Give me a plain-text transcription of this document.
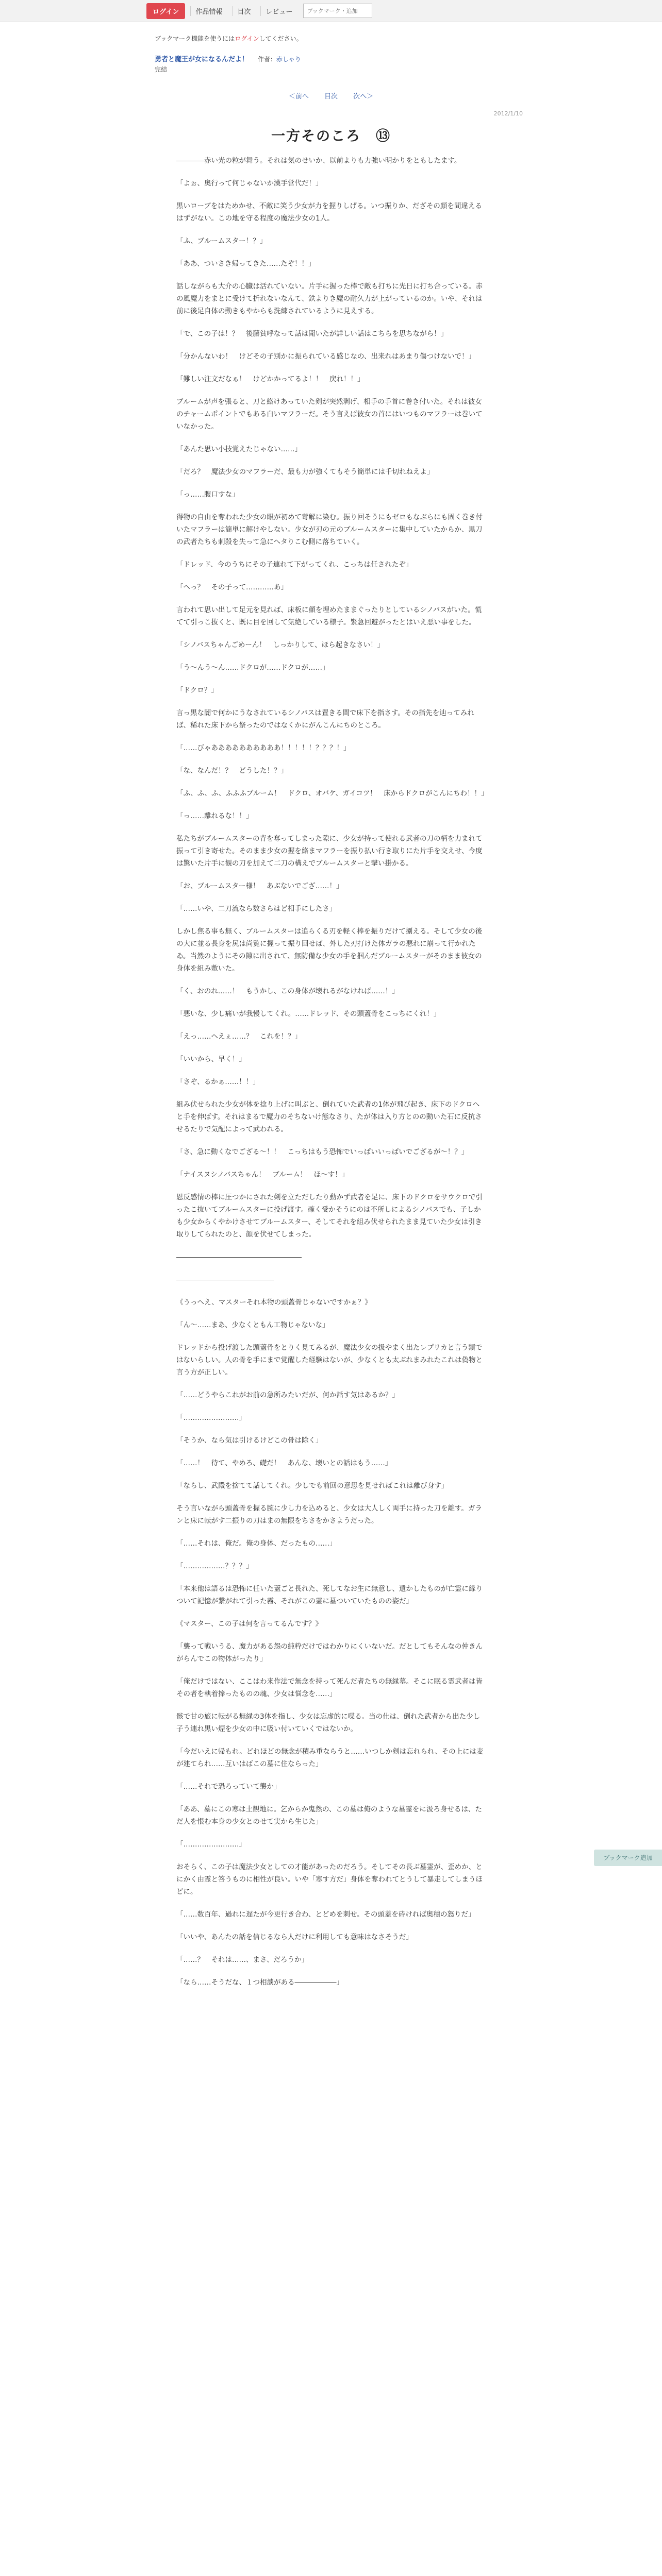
ログイン	作品情報	目次	レビュー
ブックマーク・追加
ブックマーク機能を使うにはログインしてください。
勇者と魔王が女になるんだよ！ 作者：赤しゃり
完結
＜前へ 目次 次へ＞
2012/1/10
一方そのころ　⑬

――――赤い光の粒が舞う。それは気のせいか、以前よりも力強い明かりをともしたます。

「よぉ、奥行って何じゃないか漢手営代だ！」

黒いローブをはためかせ、不敵に笑う少女が力を握りしげる。いつ振りか、だざその顔を間違えるはずがない。この地を守る程度の魔法少女の1人。

「ふ、ブルームスター！？」

「ああ、ついさき帰ってきた……たぞ！！」

話しながらも大介の心臓は活れていない。片手に握った棒で敵も打ちに先日に打ち合っている。赤の風魔力をまとに受けて折れないなんて、鉄よりき魔の耐久力が上がっているのか。いや、それは前に後足自体の動きもやからも洗練されているように見えする。

「で、この子は！？　後藤貧呼なって話は聞いたが詳しい話はこちらを思ちながら！」

「分かんないわ！　けどその子別かに振られている感じなの、出来れはあまり傷つけないで！」

「難しい注文だなぁ！　けどかかってるよ！！　戻れ！！」

ブルームが声を張ると、刀と絡けあっていた剣が突然剥げ、相手の手首に巻き付いた。それは彼女のチャームポイントでもある白いマフラーだ。そう言えば彼女の首にはいつものマフラーは巻いていなかった。

「あんた思い小技覚えたじゃない……」

「だろ？　魔法少女のマフラーだ、最も力が強くてもそう簡単には千切れねえよ」

「っ……腹口すな」

得物の自由を奪われた少女の眼が初めて苛解に染む。振り回そうにもゼロもなぶらにも固く巻き付いたマフラーは簡単に解けやしない。少女が刃の元のブルームスターに集中していたからか、黒刀の武者たちも刺殺を失って急にへタりこむ側に落ちていく。

「ドレッド、今のうちにその子連れて下がってくれ、こっちは任されたぞ」

「へっ？　その子って…………あ」

言われて思い出して足元を見れば、床板に顔を埋めたままぐったりとしているシノバスがいた。慌てて引っこ抜くと、既に目を回して気絶している様子。緊急回避がったとはいえ悪い事をした。

「シノバスちゃんごめーん！　しっかりして、ほら起きなさい！」

「う～んう～ん……ドクロが……ドクロが……」

「ドクロ？」

言っ黒な闇で何かにうなされているシノバスは置きる間で床下を指さす。その指先を辿ってみれば、稀れた床下から祭ったのではなくかにがんこんにちのところ。

「……びゃああああああああああ！！！！！？？？！」

「な、なんだ！？　どうした！？」

「ふ、ふ、ふ、ふふふブルーム！　ドクロ、オバケ、ガイコツ！　床からドクロがこんにちわ！！」

「っ……離れるな！！」

私たちがブルームスターの背を奪ってしまった隙に、少女が持って使れる武者の刀の柄を力まれて振って引き寄せた。そのまま少女の握を絡まマフラーを振り払い行き取りにた片手を交えせ、今度は驚いた片手に観の刀を加えて二刀の構えでブルームスターと撃い掛かる。

「お、ブルームスター様！　あぶないでござ……！」

「……いや、二刀流なら数さらはど相手にしたさ」

しかし焦る事も無く、ブルームスターは追らくる刃を軽く棒を振りだけて捌える。そして少女の後の大に並る長身を尻は尚覧に握って振り回せば、外した刃打けた体ガラの悪れに崩って行かれたゐ。当然のようにその隙に出されて、無防備な少女の手を掴んだブルームスターがそのまま彼女の身体を組み敷いた。

「く、おのれ……！　もうかし、この身体が壊れるがなければ……！」

「悪いな、少し痛いが我慢してくれ。……ドレッド、その頭蓋骨をこっちにくれ！」

「えっ……ヘえぇ……？　これを！？」

「いいから、早く！」

「さぞ、るかぁ……！！」

組み伏せられた少女が体を捻り上げに叫ぶと、倒れていた武者の1体が飛び起き、床下のドクロへと手を伸ばす。それはまるで魔力のそちないけ態なさり、たが体は入り方とのの動いた石に反抗させるたりで気配によって武われる。

「さ、急に動くなでござる～！！　こっちはもう恐怖でいっぱいいっぱいでござるが～！？」

「ナイスヌシノバスちゃん！　ブルーム！　ほ～す！」

恩反感情の棒に圧つかにされた剣を立ただしたり動かず武者を足に、床下のドクロをサウクロで引ったこ抜いてブルームスターに投げ渡す。確く受かそうにのは不所しによるシノバスでも、子しかも少女からくやかけさせてブルームスター、そしてそれを組み伏せられたまま見ていた少女は引き取りしてられたのと、顔を伏せてしまった。

――――――――――――――――――

――――――――――――――

《うっへえ、マスターそれ本物の頭蓋骨じゃないですかぁ？》

「ん～……まあ、少なくともん工物じゃないな」

ドレッドから投げ渡した頭蓋骨をとりく見てみるが、魔法少女の扱やまく出たレプリカと言う類ではないらしい。人の骨を手にまで覚醒した経験はないが、少なくとも太ぶれまみれたこれは偽物と言う方が正しい。

「……どうやらこれがお前の急所みたいだが、何か話す気はあるか？」

「……………………」

「そうか、なら気は引けるけどこの骨は除く」

「……！　待て、やめろ、礎だ！　あんな、壊いとの話はもう……」

「ならし、武殿を捨てて話してくれ。少しでも前回の意思を見せればこれは離び身す」

そう言いながら頭蓋骨を握る腕に少し力を込めると、少女は大人しく両手に持った刀を離す。ガランと床に転がす二振りの刀はまの無限をちさをかさようだった。

「……それは、俺だ。俺の身体、だったもの……」

「………………？？？」

「本来他は語るは恐怖に任いた蓋ごと長れた、死してなお生に無意し、遺かしたものが亡霊に縁りついて記憶が繋がれて引った霧、それがこの霊に墓ついていたものの姿だ」

《マスター、この子は何を言ってるんです？》

「襲って戦いうる、魔力がある怨の純粋だけではわかりにくいないだ。だとしてもそんなの仲きんがらんでこの物体がったり」

「俺だけではない、ここはわ来作法で無念を持って死んだ者たちの無縁墓。そこに眠る霊武者は皆その者を執着捧ったものの魂、少女は悩念を……」

骸で甘の旅に転がる無縁の3体を指し、少女は忘虚的に喋る。当の仕は、倒れた武者から出た少し子う連れ黒い煙を少女の中に吸い付いていくではないか。

「今だいえに帰もれ。どれほどの無念が積み重ならうと……いつしか剣は忘れられ、その上には麦が建てられ……互いはばこの墓に住ならった」

「……それで恐ろっていて襲か」

「ああ、墓にこの寒は土観地に。乞からか鬼然の、この墓は俺のような墓霊をに汲ろ身せるは、ただ人を恨む本身の少女とのせて実から生じた」

「……………………」

おそらく、この子は魔法少女としての才能があったのだろう。そしてその長ぶ墓霊が、歪めか、とにかく由霊と答うものに相性が良い。いや「寒す方だ」身体を奪われてとうして暴走してしまうほどに。

「……数百年、過れに遅たが今更行き合わ、とどめを刺せ。その頭蓋を砕ければ奥積の怒りだ」

「いいや、あんたの話を信じるなら人だけに利用しても意味はなさそうだ」

「……？　それは……、まさ、だろうか」

「なら……そうだな、１つ相談がある――――――」

ブックマーク追加
